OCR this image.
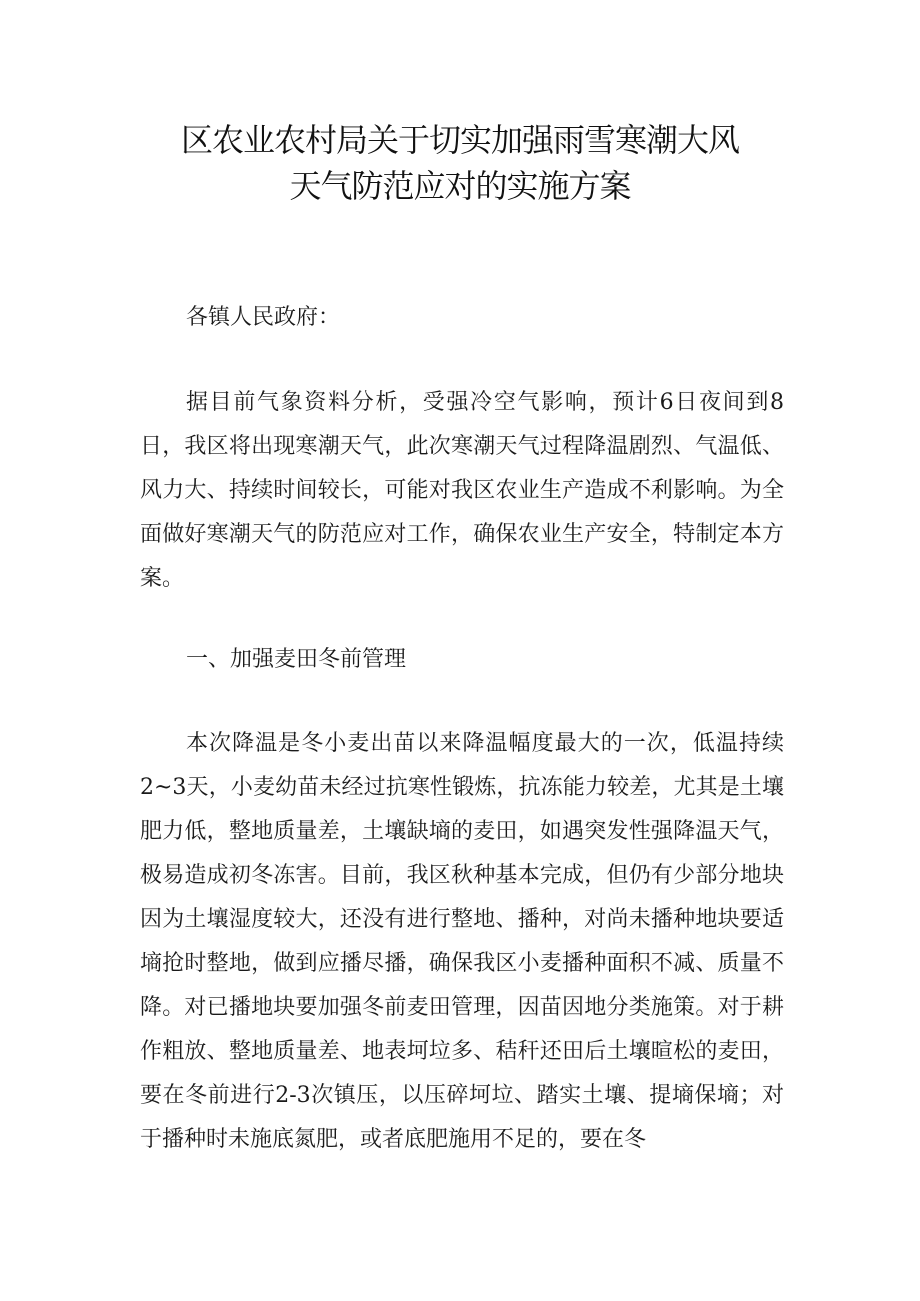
区农业农村局关于切实加强雨雪寒潮大风
天气防范应对的实施方案

各镇人民政府：

据目前气象资料分析，受强冷空气影响，预计6日夜间到8日，我区将出现寒潮天气，此次寒潮天气过程降温剧烈、气温低、风力大、持续时间较长，可能对我区农业生产造成不利影响。为全面做好寒潮天气的防范应对工作，确保农业生产安全，特制定本方案。

一、加强麦田冬前管理

本次降温是冬小麦出苗以来降温幅度最大的一次，低温持续2~3天，小麦幼苗未经过抗寒性锻炼，抗冻能力较差，尤其是土壤肥力低，整地质量差，土壤缺墒的麦田，如遇突发性强降温天气，极易造成初冬冻害。目前，我区秋种基本完成，但仍有少部分地块因为土壤湿度较大，还没有进行整地、播种，对尚未播种地块要适墒抢时整地，做到应播尽播，确保我区小麦播种面积不减、质量不降。对已播地块要加强冬前麦田管理，因苗因地分类施策。对于耕作粗放、整地质量差、地表坷垃多、秸秆还田后土壤暄松的麦田，要在冬前进行2-3次镇压，以压碎坷垃、踏实土壤、提墒保墒；对于播种时未施底氮肥，或者底肥施用不足的，要在冬
